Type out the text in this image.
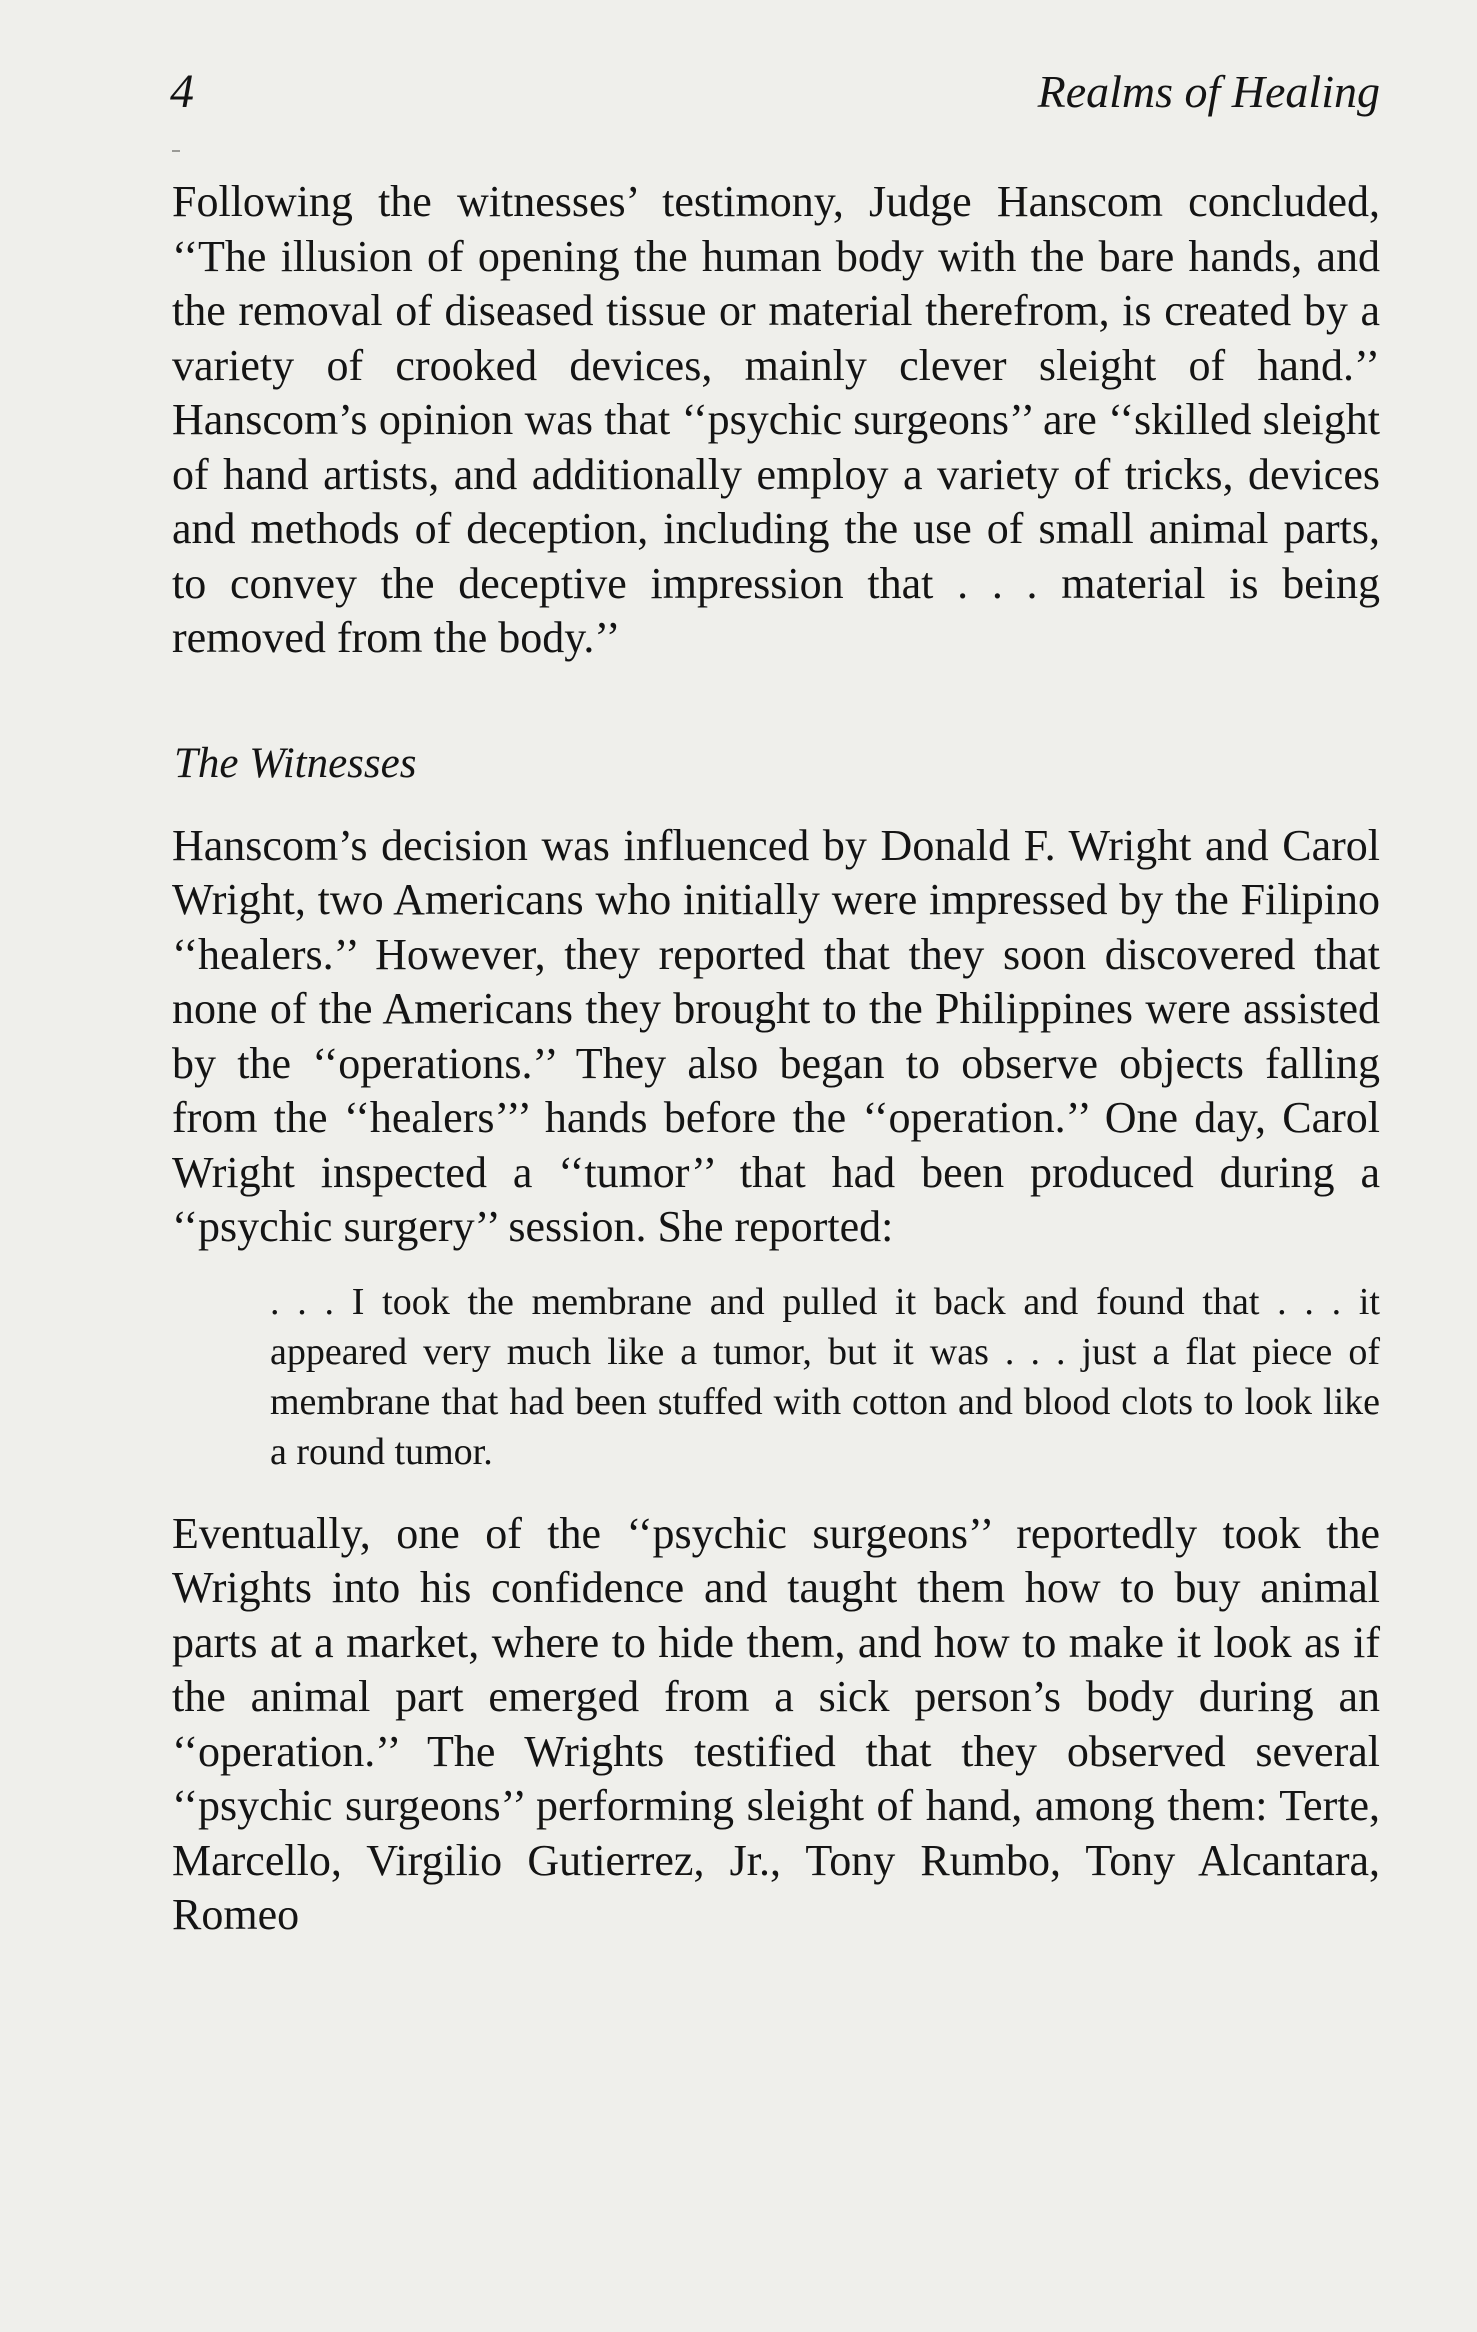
4	Realms of Healing

Following the witnesses’ testimony, Judge Hanscom concluded, ‘‘The illusion of opening the human body with the bare hands, and the removal of diseased tissue or material therefrom, is created by a variety of crooked devices, mainly clever sleight of hand.’’ Hanscom’s opinion was that ‘‘psychic surgeons’’ are ‘‘skilled sleight of hand artists, and additionally employ a variety of tricks, devices and methods of deception, including the use of small animal parts, to convey the deceptive impression that . . . material is being removed from the body.’’

The Witnesses

Hanscom’s decision was influenced by Donald F. Wright and Carol Wright, two Americans who initially were impressed by the Filipino ‘‘healers.’’ However, they reported that they soon discovered that none of the Americans they brought to the Philippines were assisted by the ‘‘operations.’’ They also began to observe objects falling from the ‘‘healers’’’ hands before the ‘‘operation.’’ One day, Carol Wright inspected a ‘‘tumor’’ that had been produced during a ‘‘psychic surgery’’ session. She reported:

. . . I took the membrane and pulled it back and found that . . . it appeared very much like a tumor, but it was . . . just a flat piece of membrane that had been stuffed with cotton and blood clots to look like a round tumor.

Eventually, one of the ‘‘psychic surgeons’’ reportedly took the Wrights into his confidence and taught them how to buy animal parts at a market, where to hide them, and how to make it look as if the animal part emerged from a sick person’s body during an ‘‘operation.’’ The Wrights testified that they observed several ‘‘psychic surgeons’’ performing sleight of hand, among them: Terte, Marcello, Virgilio Gutierrez, Jr., Tony Rumbo, Tony Alcantara, Romeo
